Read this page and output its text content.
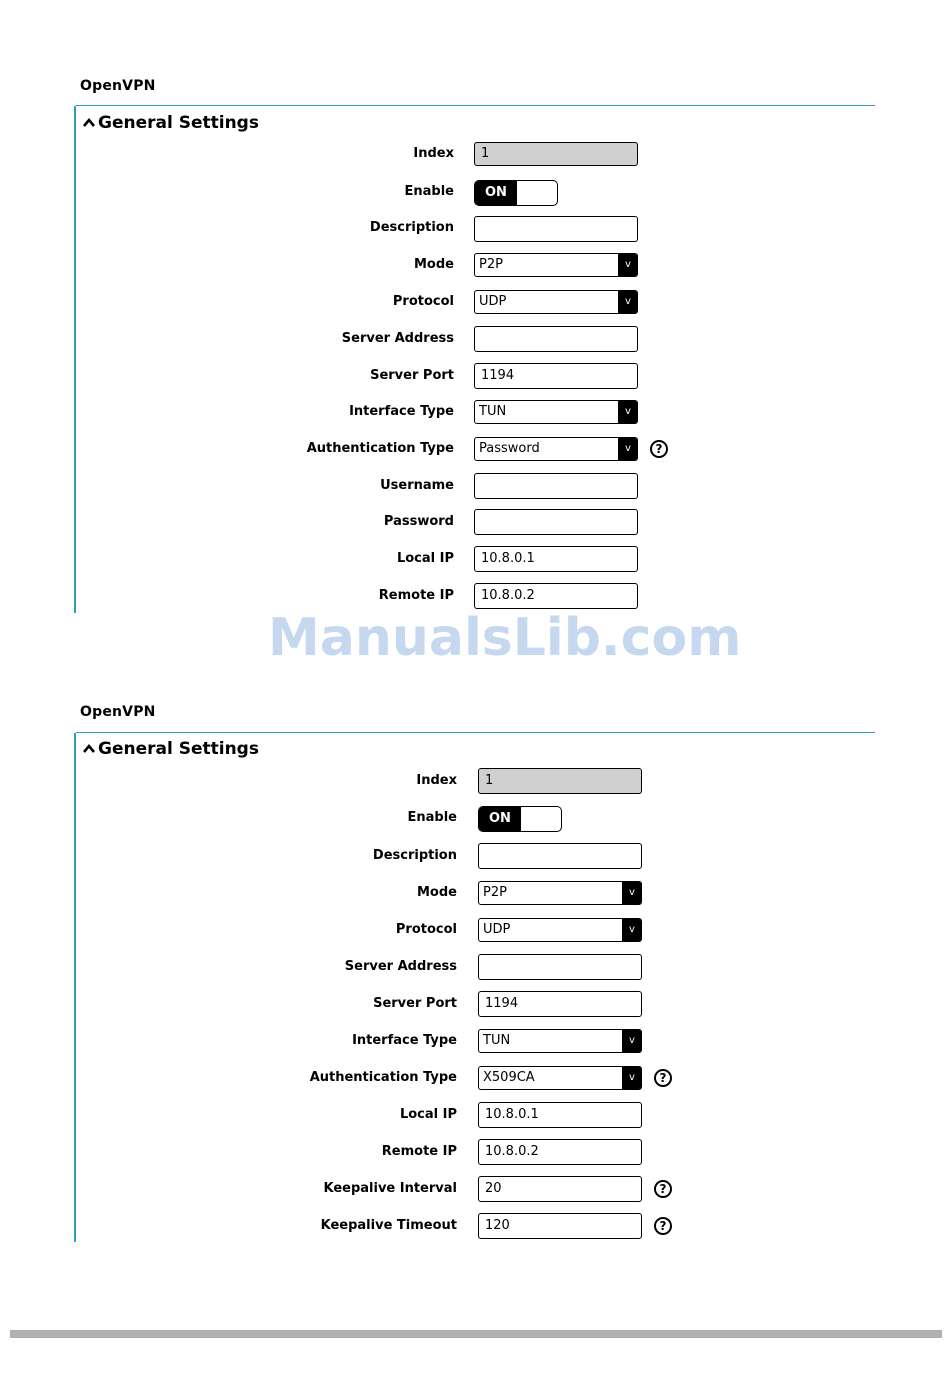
OpenVPN
General Settings
Index	1
Enable	ON
Description
Mode	P2P	v
Protocol	UDP	v
Server Address
Server Port	1194
Interface Type	TUN	v
Authentication Type	Password	v	?
Username
Password
Local IP	10.8.0.1
Remote IP	10.8.0.2
ManualsLib.com
OpenVPN
General Settings
Index	1
Enable	ON
Description
Mode	P2P	v
Protocol	UDP	v
Server Address
Server Port	1194
Interface Type	TUN	v
Authentication Type	X509CA	v	?
Local IP	10.8.0.1
Remote IP	10.8.0.2
Keepalive Interval	20	?
Keepalive Timeout	120	?
